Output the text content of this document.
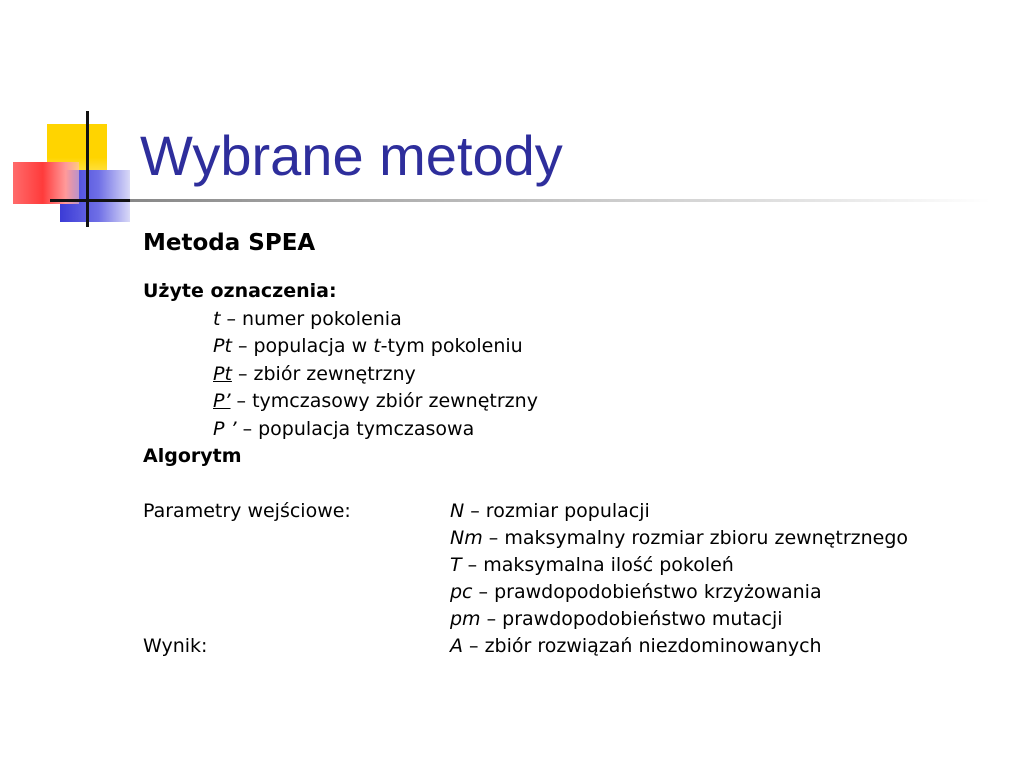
Wybrane metody
Metoda SPEA
Użyte oznaczenia:
t – numer pokolenia
Pt – populacja w t-tym pokoleniu
Pt – zbiór zewnętrzny
P’ – tymczasowy zbiór zewnętrzny
P ’ – populacja tymczasowa
Algorytm
Parametry wejściowe:	N – rozmiar populacji
Nm – maksymalny rozmiar zbioru zewnętrznego
T – maksymalna ilość pokoleń
pc – prawdopodobieństwo krzyżowania
pm – prawdopodobieństwo mutacji
Wynik:	A – zbiór rozwiązań niezdominowanych
